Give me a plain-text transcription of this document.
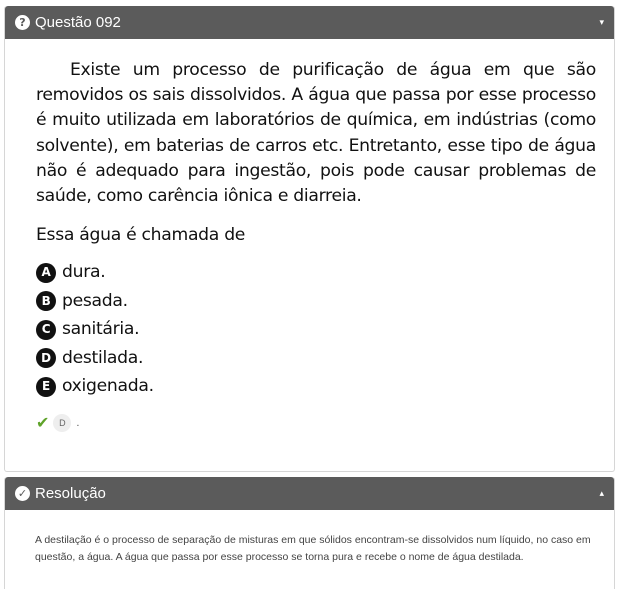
? Questão 092	▾

Existe um processo de purificação de água em que são removidos os sais dissolvidos. A água que passa por esse processo é muito utilizada em laboratórios de química, em indústrias (como solvente), em baterias de carros etc. Entretanto, esse tipo de água não é adequado para ingestão, pois pode causar problemas de saúde, como carência iônica e diarreia.

Essa água é chamada de
A dura.
B pesada.
C sanitária.
D destilada.
E oxigenada.
✔	D .
✓ Resolução	▴
A destilação é o processo de separação de misturas em que sólidos encontram-se dissolvidos num líquido, no caso em questão, a água. A água que passa por esse processo se torna pura e recebe o nome de água destilada.
